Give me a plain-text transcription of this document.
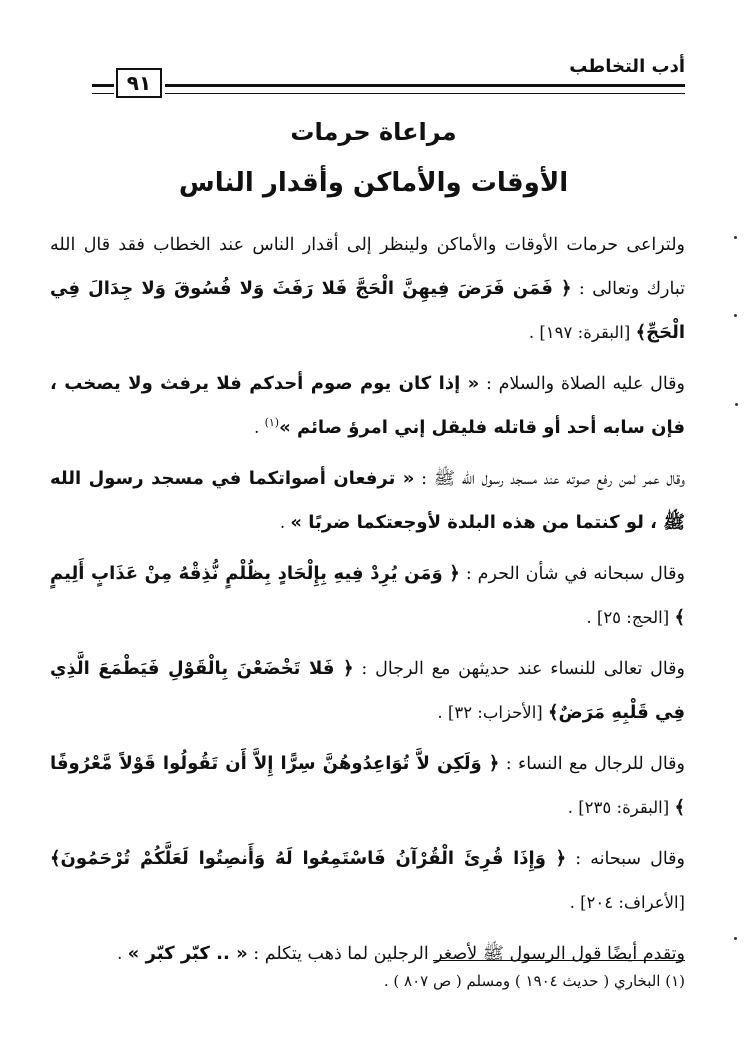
أدب التخاطب
٩١
مراعاة حرمات
الأوقات والأماكن وأقدار الناس

ولتراعى حرمات الأوقات والأماكن ولينظر إلى أقدار الناس عند الخطاب فقد قال الله تبارك وتعالى : ﴿ فَمَن فَرَضَ فِيهِنَّ الْحَجَّ فَلا رَفَثَ وَلا فُسُوقَ وَلا جِدَالَ فِي الْحَجِّ﴾ [البقرة: ١٩٧] .

وقال عليه الصلاة والسلام : « إذا كان يوم صوم أحدكم فلا يرفث ولا يصخب ، فإن سابه أحد أو قاتله فليقل إني امرؤ صائم »$^{(١)}$ .

وقال عمر لمن رفع صوته عند مسجد رسول الله ﷺ : « ترفعان أصواتكما في مسجد رسول الله ﷺ ، لو كنتما من هذه البلدة لأوجعتكما ضربًا » .

وقال سبحانه في شأن الحرم : ﴿ وَمَن يُرِدْ فِيهِ بِإِلْحَادٍ بِظُلْمٍ نُّذِقْهُ مِنْ عَذَابٍ أَلِيمٍ ﴾ [الحج: ٢٥] .

وقال تعالى للنساء عند حديثهن مع الرجال : ﴿ فَلا تَخْضَعْنَ بِالْقَوْلِ فَيَطْمَعَ الَّذِي فِي قَلْبِهِ مَرَضٌ﴾ [الأحزاب: ٣٢] .

وقال للرجال مع النساء : ﴿ وَلَكِن لاَّ تُوَاعِدُوهُنَّ سِرًّا إِلاَّ أَن تَقُولُوا قَوْلاً مَّعْرُوفًا ﴾ [البقرة: ٢٣٥] .

وقال سبحانه : ﴿ وَإِذَا قُرِئَ الْقُرْآنُ فَاسْتَمِعُوا لَهُ وَأَنصِتُوا لَعَلَّكُمْ تُرْحَمُونَ﴾ [الأعراف: ٢٠٤] .

وتقدم أيضًا قول الرسول ﷺ لأصغر الرجلين لما ذهب يتكلم : « .. كبّر كبّر » .

(١) البخاري ( حديث ١٩٠٤ ) ومسلم ( ص ٨٠٧ ) .
